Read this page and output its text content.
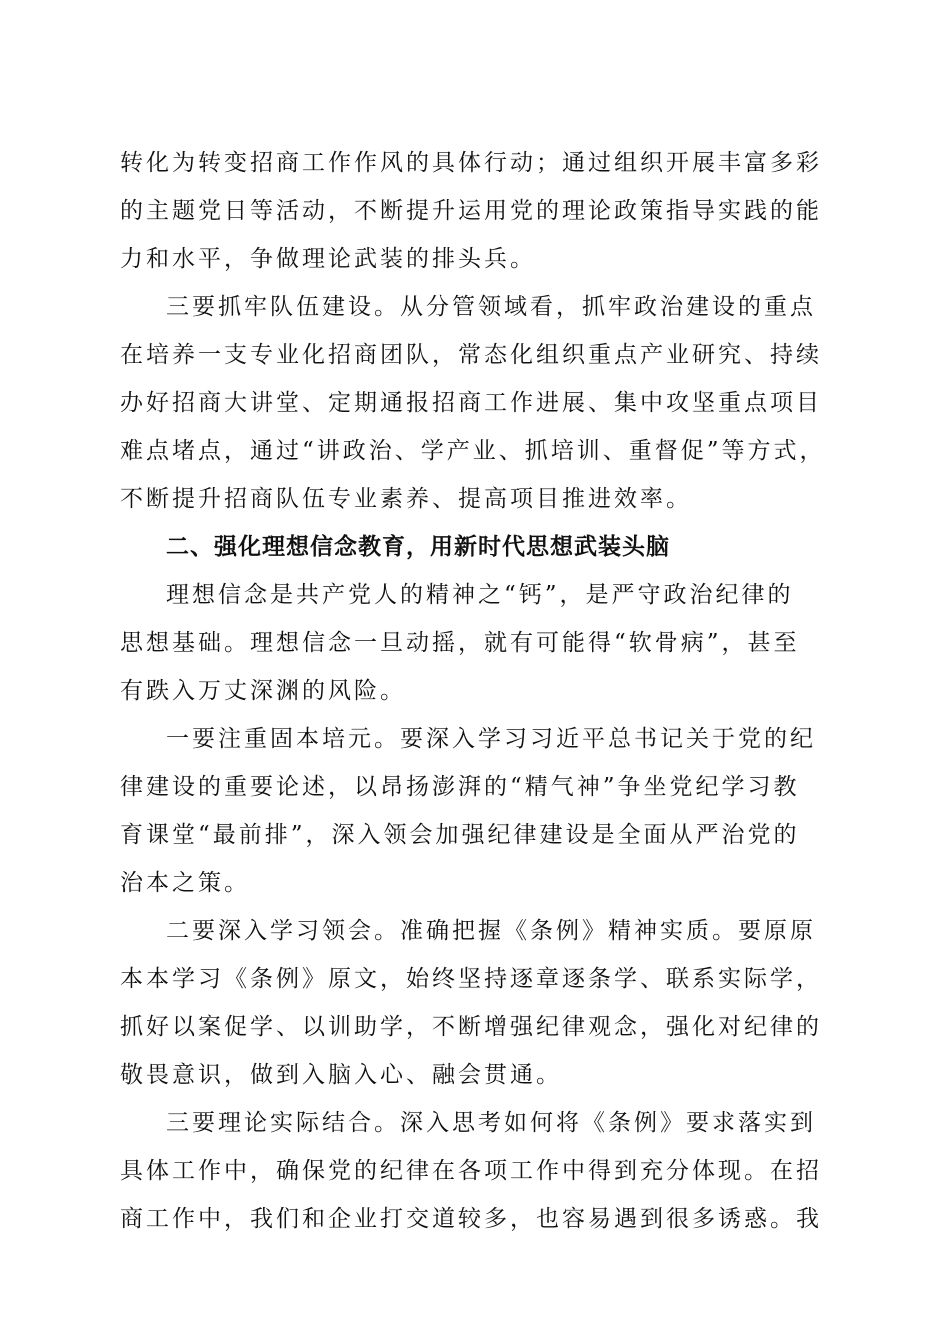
转化为转变招商工作作风的具体行动；通过组织开展丰富多彩
的主题党日等活动，不断提升运用党的理论政策指导实践的能
力和水平，争做理论武装的排头兵。
三要抓牢队伍建设。从分管领域看，抓牢政治建设的重点
在培养一支专业化招商团队，常态化组织重点产业研究、持续
办好招商大讲堂、定期通报招商工作进展、集中攻坚重点项目
难点堵点，通过“讲政治、学产业、抓培训、重督促”等方式，
不断提升招商队伍专业素养、提高项目推进效率。
二、强化理想信念教育，用新时代思想武装头脑
理想信念是共产党人的精神之“钙”，是严守政治纪律的
思想基础。理想信念一旦动摇，就有可能得“软骨病”，甚至
有跌入万丈深渊的风险。
一要注重固本培元。要深入学习习近平总书记关于党的纪
律建设的重要论述，以昂扬澎湃的“精气神”争坐党纪学习教
育课堂“最前排”，深入领会加强纪律建设是全面从严治党的
治本之策。
二要深入学习领会。准确把握《条例》精神实质。要原原
本本学习《条例》原文，始终坚持逐章逐条学、联系实际学，
抓好以案促学、以训助学，不断增强纪律观念，强化对纪律的
敬畏意识，做到入脑入心、融会贯通。
三要理论实际结合。深入思考如何将《条例》要求落实到
具体工作中，确保党的纪律在各项工作中得到充分体现。在招
商工作中，我们和企业打交道较多，也容易遇到很多诱惑。我
